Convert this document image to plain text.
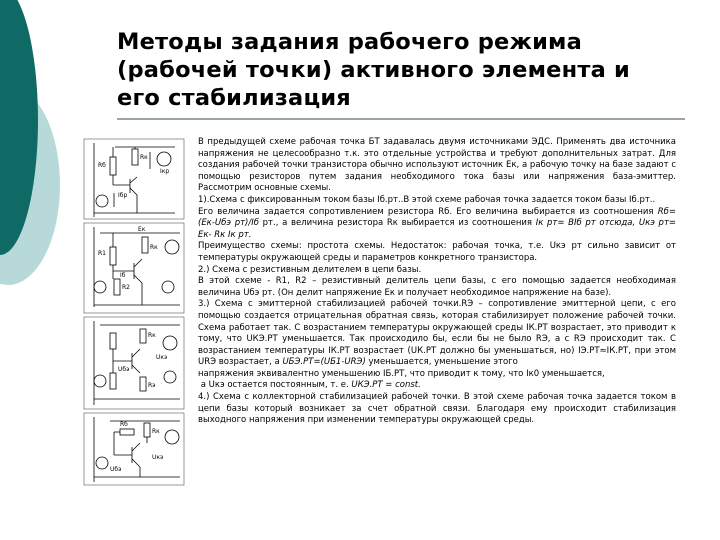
Методы задания рабочего режима
(рабочей точки) активного элемента и
его стабилизация
Rб
Rк
Iбр
Iкр
Ек
R1
Rк
R2
Iб
Rк
Uкэ
Uбэ
Rэ
Rк
Rб
Uбэ
Uкэ

В предыдущей схеме рабочая точка БТ задавалась двумя источниками ЭДС. Применять два источника напряжения не целесообразно т.к. это отдельные устройства и требуют дополнительных затрат. Для создания рабочей точки транзистора обычно используют источник Ек, а рабочую точку на базе задают с помощью резисторов путем задания необходимого тока базы или напряжения база-эмиттер. Рассмотрим основные схемы.

1).Схема с фиксированным током базы Iб.рт..В этой схеме рабочая точка задается током базы Iб.рт..

Его величина задается сопротивлением резистора Rб. Его величина выбирается из соотношения Rб=(Ек-Uбэ рт)/Iб рт., а величина резистора Rк выбирается из соотношения Iк рт= ВIб рт отсюда, Uкэ рт= Ек- Rк Iк рт.

Преимущество схемы: простота схемы. Недостаток: рабочая точка, т.е. Uкэ рт сильно зависит от температуры окружающей среды и параметров конкретного транзистора.

2.) Схема с резистивным делителем в цепи базы.

В этой схеме - R1, R2 – резистивный делитель цепи базы, с его помощью задается необходимая величина Uбэ рт. (Он делит напряжение Ек и получает необходимое напряжение на базе).

3.) Схема с эмиттерной стабилизацией рабочей точки.RЭ – сопротивление эмиттерной цепи, с его помощью создается отрицательная обратная связь, которая стабилизирует положение рабочей точки. Схема работает так. С возрастанием температуры окружающей среды IК.РТ возрастает, это приводит к тому, что UКЭ.РТ уменьшается. Так происходило бы, если бы не было RЭ, а с RЭ происходит так. С возрастанием температуры IК.РТ возрастает (UК.РТ должно бы уменьшаться, но) IЭ.РТ≈IК.РТ, при этом URЭ возрастает, а UБЭ.РТ=(UБ1-URЭ) уменьшается, уменьшение этого

напряжения эквивалентно уменьшению IБ.РТ, что приводит к тому, что Iк0 уменьшается,

а Uкэ остается постоянным, т. е. UКЭ.РТ = const.

4.) Схема с коллекторной стабилизацией рабочей точки. В этой схеме рабочая точка задается током в цепи базы который возникает за счет обратной связи. Благодаря ему происходит стабилизация выходного напряжения при изменении температуры окружающей среды.
